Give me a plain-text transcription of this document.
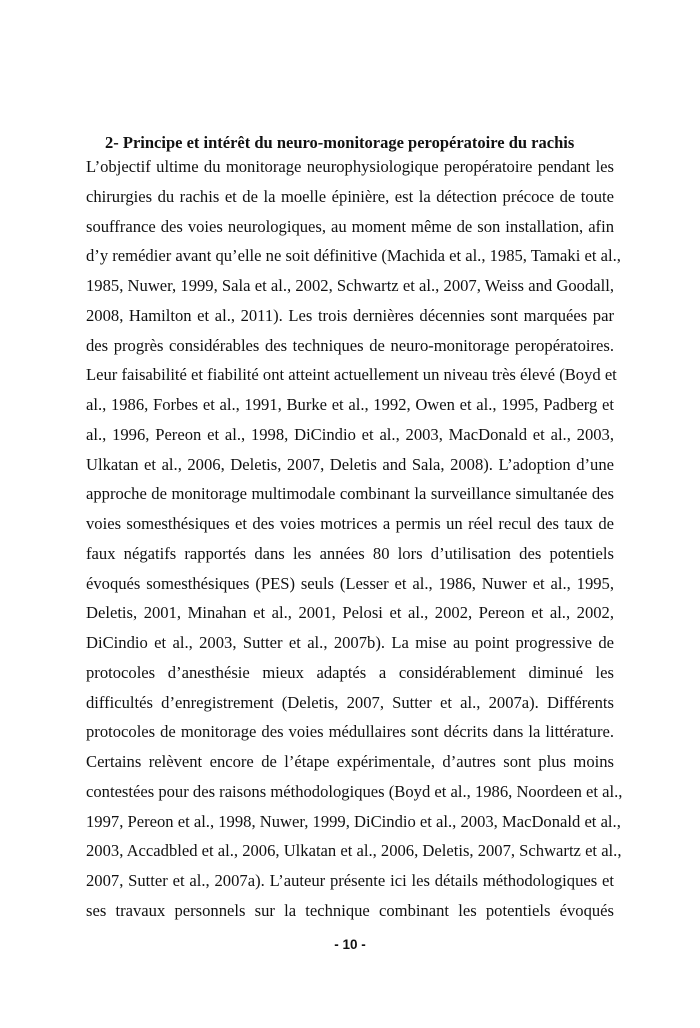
2- Principe et intérêt du neuro-monitorage peropératoire du rachis
L’objectif ultime du monitorage neurophysiologique peropératoire pendant les
chirurgies du rachis et de la moelle épinière, est la détection précoce de toute
souffrance des voies neurologiques, au moment même de son installation, afin
d’y remédier avant qu’elle ne soit définitive (Machida et al., 1985, Tamaki et al.,
1985, Nuwer, 1999, Sala et al., 2002, Schwartz et al., 2007, Weiss and Goodall,
2008, Hamilton et al., 2011). Les trois dernières décennies sont marquées par
des progrès considérables des techniques de neuro-monitorage peropératoires.
Leur faisabilité et fiabilité ont atteint actuellement un niveau très élevé (Boyd et
al., 1986, Forbes et al., 1991, Burke et al., 1992, Owen et al., 1995, Padberg et
al., 1996, Pereon et al., 1998, DiCindio et al., 2003, MacDonald et al., 2003,
Ulkatan et al., 2006, Deletis, 2007, Deletis and Sala, 2008). L’adoption d’une
approche de monitorage multimodale combinant la surveillance simultanée des
voies somesthésiques et des voies motrices a permis un réel recul des taux de
faux négatifs rapportés dans les années 80 lors d’utilisation des potentiels
évoqués somesthésiques (PES) seuls (Lesser et al., 1986, Nuwer et al., 1995,
Deletis, 2001, Minahan et al., 2001, Pelosi et al., 2002, Pereon et al., 2002,
DiCindio et al., 2003, Sutter et al., 2007b). La mise au point progressive de
protocoles d’anesthésie mieux adaptés a considérablement diminué les
difficultés d’enregistrement (Deletis, 2007, Sutter et al., 2007a). Différents
protocoles de monitorage des voies médullaires sont décrits dans la littérature.
Certains relèvent encore de l’étape expérimentale, d’autres sont plus moins
contestées pour des raisons méthodologiques (Boyd et al., 1986, Noordeen et al.,
1997, Pereon et al., 1998, Nuwer, 1999, DiCindio et al., 2003, MacDonald et al.,
2003, Accadbled et al., 2006, Ulkatan et al., 2006, Deletis, 2007, Schwartz et al.,
2007, Sutter et al., 2007a). L’auteur présente ici les détails méthodologiques et
ses travaux personnels sur la technique combinant les potentiels évoqués
- 10 -
